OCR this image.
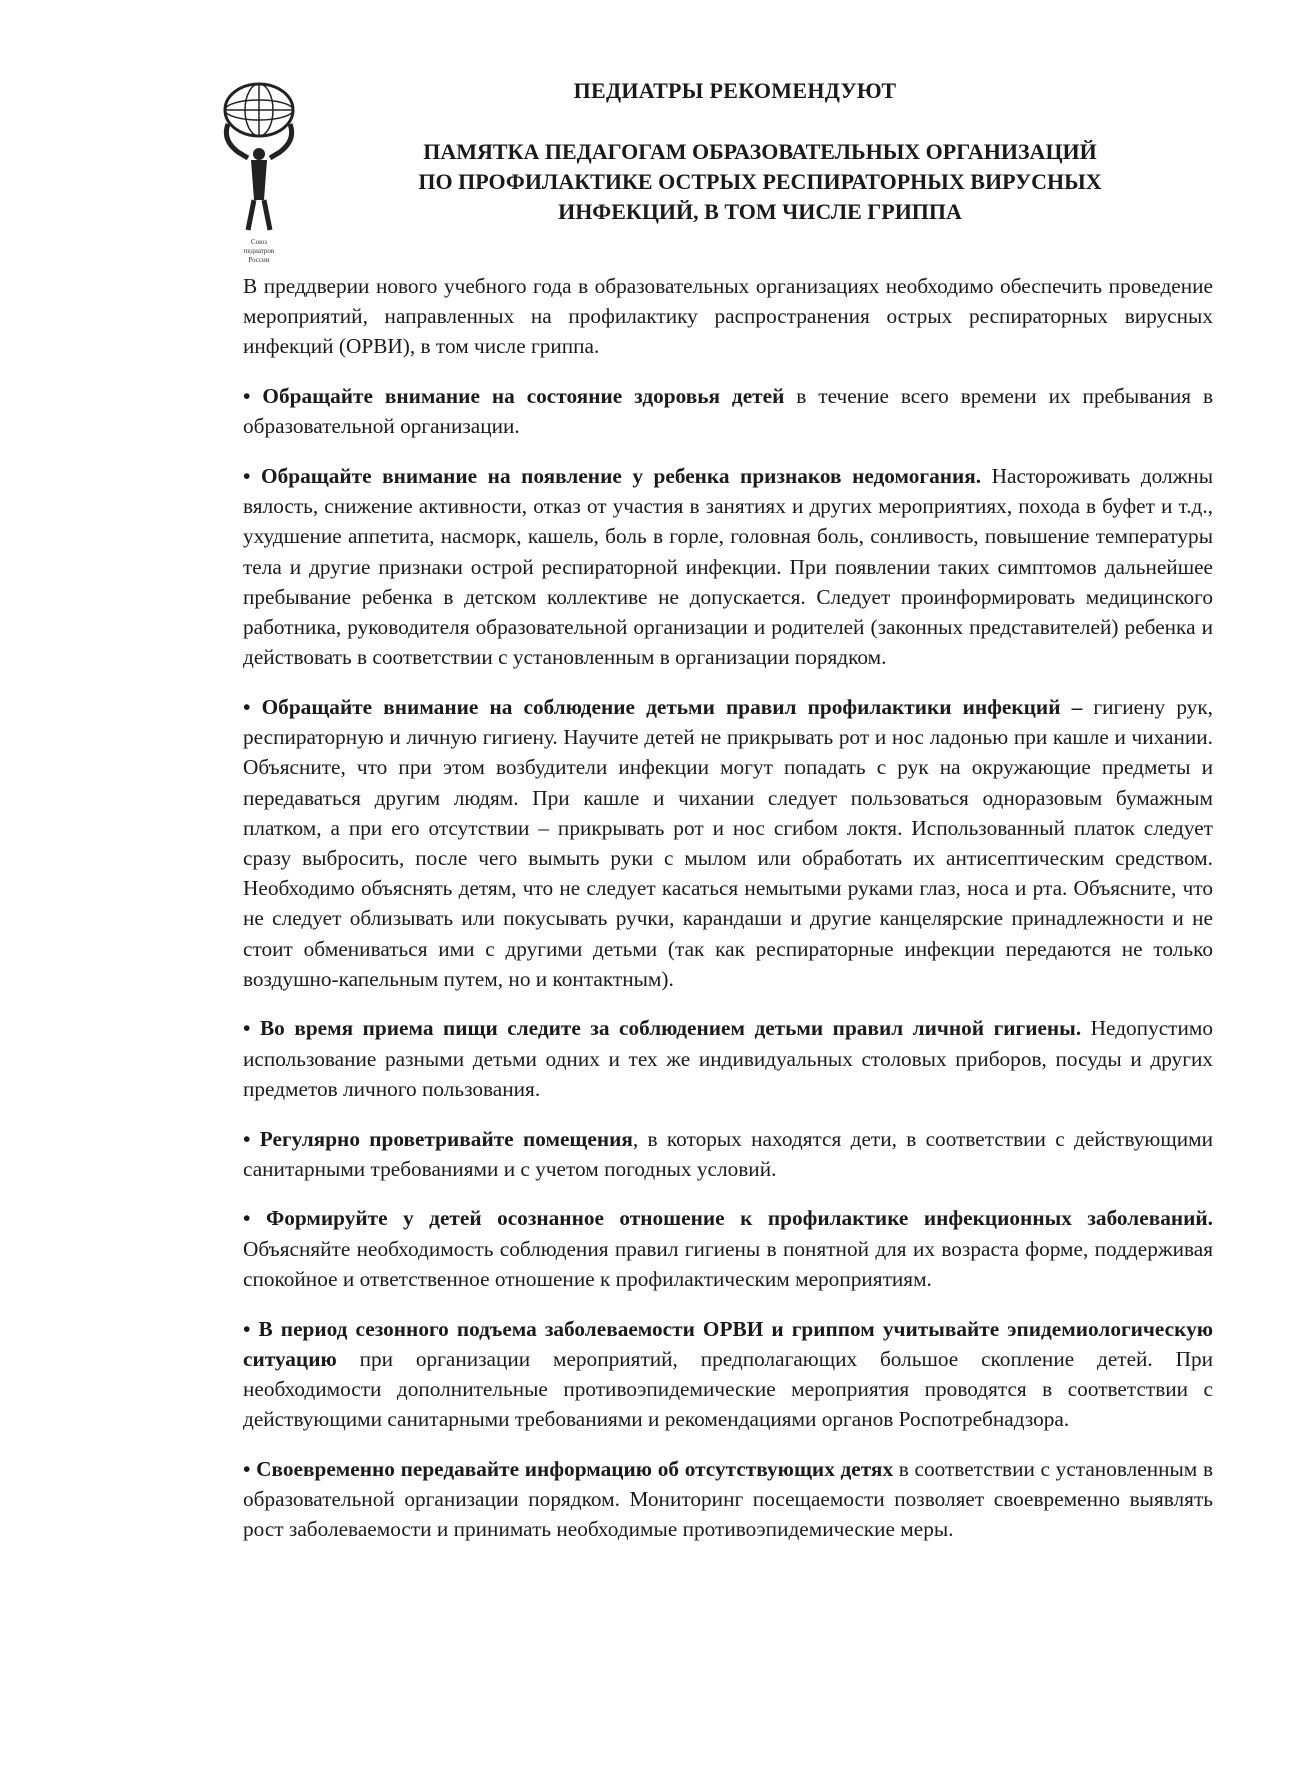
Союз
педиатров
России
ПЕДИАТРЫ РЕКОМЕНДУЮТ
ПАМЯТКА ПЕДАГОГАМ ОБРАЗОВАТЕЛЬНЫХ ОРГАНИЗАЦИЙ
ПО ПРОФИЛАКТИКЕ ОСТРЫХ РЕСПИРАТОРНЫХ ВИРУСНЫХ
ИНФЕКЦИЙ, В ТОМ ЧИСЛЕ ГРИППА

В преддверии нового учебного года в образовательных организациях необходимо обеспечить проведение мероприятий, направленных на профилактику распространения острых респираторных вирусных инфекций (ОРВИ), в том числе гриппа.

• Обращайте внимание на состояние здоровья детей в течение всего времени их пребывания в образовательной организации.

• Обращайте внимание на появление у ребенка признаков недомогания. Настороживать должны вялость, снижение активности, отказ от участия в занятиях и других мероприятиях, похода в буфет и т.д., ухудшение аппетита, насморк, кашель, боль в горле, головная боль, сонливость, повышение температуры тела и другие признаки острой респираторной инфекции. При появлении таких симптомов дальнейшее пребывание ребенка в детском коллективе не допускается. Следует проинформировать медицинского работника, руководителя образовательной организации и родителей (законных представителей) ребенка и действовать в соответствии с установленным в организации порядком.

• Обращайте внимание на соблюдение детьми правил профилактики инфекций – гигиену рук, респираторную и личную гигиену. Научите детей не прикрывать рот и нос ладонью при кашле и чихании. Объясните, что при этом возбудители инфекции могут попадать с рук на окружающие предметы и передаваться другим людям. При кашле и чихании следует пользоваться одноразовым бумажным платком, а при его отсутствии – прикрывать рот и нос сгибом локтя. Использованный платок следует сразу выбросить, после чего вымыть руки с мылом или обработать их антисептическим средством. Необходимо объяснять детям, что не следует касаться немытыми руками глаз, носа и рта. Объясните, что не следует облизывать или покусывать ручки, карандаши и другие канцелярские принадлежности и не стоит обмениваться ими с другими детьми (так как респираторные инфекции передаются не только воздушно-капельным путем, но и контактным).

• Во время приема пищи следите за соблюдением детьми правил личной гигиены. Недопустимо использование разными детьми одних и тех же индивидуальных столовых приборов, посуды и других предметов личного пользования.

• Регулярно проветривайте помещения, в которых находятся дети, в соответствии с действующими санитарными требованиями и с учетом погодных условий.

• Формируйте у детей осознанное отношение к профилактике инфекционных заболеваний. Объясняйте необходимость соблюдения правил гигиены в понятной для их возраста форме, поддерживая спокойное и ответственное отношение к профилактическим мероприятиям.

• В период сезонного подъема заболеваемости ОРВИ и гриппом учитывайте эпидемиологическую ситуацию при организации мероприятий, предполагающих большое скопление детей. При необходимости дополнительные противоэпидемические мероприятия проводятся в соответствии с действующими санитарными требованиями и рекомендациями органов Роспотребнадзора.

• Своевременно передавайте информацию об отсутствующих детях в соответствии с установленным в образовательной организации порядком. Мониторинг посещаемости позволяет своевременно выявлять рост заболеваемости и принимать необходимые противоэпидемические меры.
